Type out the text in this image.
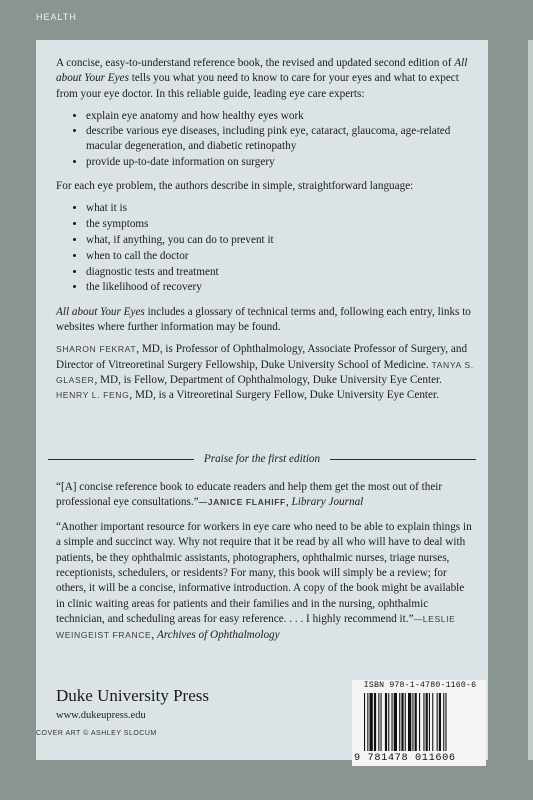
HEALTH

A concise, easy-to-understand reference book, the revised and updated second edition of All about Your Eyes tells you what you need to know to care for your eyes and what to expect from your eye doctor. In this reliable guide, leading eye care experts:

• explain eye anatomy and how healthy eyes work
• describe various eye diseases, including pink eye, cataract, glaucoma, age-related macular degeneration, and diabetic retinopathy
• provide up-to-date information on surgery

For each eye problem, the authors describe in simple, straightforward language:

• what it is
• the symptoms
• what, if anything, you can do to prevent it
• when to call the doctor
• diagnostic tests and treatment
• the likelihood of recovery

All about Your Eyes includes a glossary of technical terms and, following each entry, links to websites where further information may be found.

SHARON FEKRAT, MD, is Professor of Ophthalmology, Associate Professor of Surgery, and Director of Vitreoretinal Surgery Fellowship, Duke University School of Medicine. TANYA S. GLASER, MD, is Fellow, Department of Ophthalmology, Duke University Eye Center. HENRY L. FENG, MD, is a Vitreoretinal Surgery Fellow, Duke University Eye Center.

Praise for the first edition

“[A] concise reference book to educate readers and help them get the most out of their professional eye consultations.”—JANICE FLAHIFF, Library Journal

“Another important resource for workers in eye care who need to be able to explain things in a simple and succinct way. Why not require that it be read by all who will have to deal with patients, be they ophthalmic assistants, photographers, ophthalmic nurses, triage nurses, receptionists, schedulers, or residents? For many, this book will simply be a review; for others, it will be a concise, informative introduction. A copy of the book might be available in clinic waiting areas for patients and their families and in the nursing, ophthalmic technician, and scheduling areas for easy reference. . . . I highly recommend it.”—LESLIE WEINGEIST FRANCE, Archives of Ophthalmology

Duke University Press
www.dukeupress.edu
ISBN 978-1-4780-1160-6
9 781478 011606
COVER ART © ASHLEY SLOCUM
